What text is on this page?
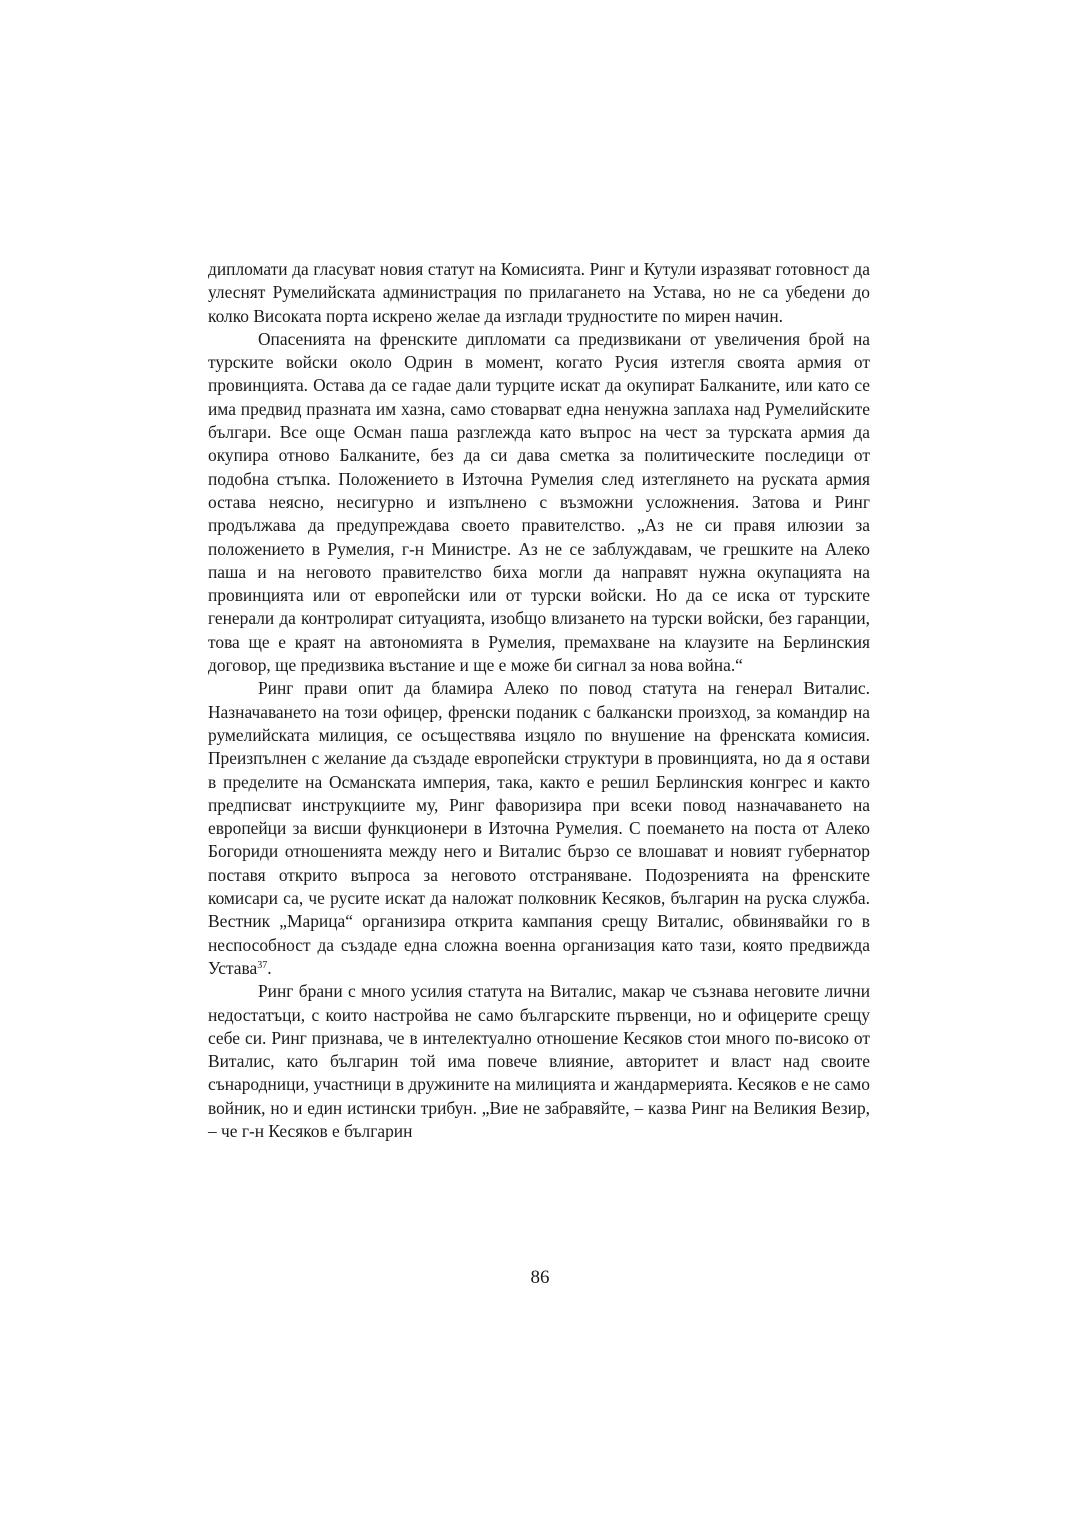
дипломати да гласуват новия статут на Комисията. Ринг и Кутули изразяват готовност да улеснят Румелийската администрация по прилагането на Устава, но не са убедени до колко Високата порта искрено желае да изглади трудностите по мирен начин.

Опасенията на френските дипломати са предизвикани от увеличения брой на турските войски около Одрин в момент, когато Русия изтегля своята армия от провинцията. Остава да се гадае дали турците искат да окупират Балканите, или като се има предвид празната им хазна, само стоварват една ненужна заплаха над Румелийските българи. Все още Осман паша разглежда като въпрос на чест за турската армия да окупира отново Балканите, без да си дава сметка за политическите последици от подобна стъпка. Положението в Източна Румелия след изтеглянето на руската армия остава неясно, несигурно и изпълнено с възможни усложнения. Затова и Ринг продължава да предупреждава своето правителство. „Аз не си правя илюзии за положението в Румелия, г-н Министре. Аз не се заблуждавам, че грешките на Алеко паша и на неговото правителство биха могли да направят нужна окупацията на провинцията или от европейски или от турски войски. Но да се иска от турските генерали да контролират ситуацията, изобщо влизането на турски войски, без гаранции, това ще е краят на автономията в Румелия, премахване на клаузите на Берлинския договор, ще предизвика въстание и ще е може би сигнал за нова война.“

Ринг прави опит да бламира Алеко по повод статута на генерал Виталис. Назначаването на този офицер, френски поданик с балкански произход, за командир на румелийската милиция, се осъществява изцяло по внушение на френската комисия. Преизпълнен с желание да създаде европейски структури в провинцията, но да я остави в пределите на Османската империя, така, както е решил Берлинския конгрес и както предписват инструкциите му, Ринг фаворизира при всеки повод назначаването на европейци за висши функционери в Източна Румелия. С поемането на поста от Алеко Богориди отношенията между него и Виталис бързо се влошават и новият губернатор поставя открито въпроса за неговото отстраняване. Подозренията на френските комисари са, че русите искат да наложат полковник Кесяков, българин на руска служба. Вестник „Марица“ организира открита кампания срещу Виталис, обвинявайки го в неспособност да създаде една сложна военна организация като тази, която предвижда Устава$^{37}$.

Ринг брани с много усилия статута на Виталис, макар че съзнава неговите лични недостатъци, с които настройва не само българските първенци, но и офицерите срещу себе си. Ринг признава, че в интелектуално отношение Кесяков стои много по-високо от Виталис, като българин той има повече влияние, авторитет и власт над своите сънародници, участници в дружините на милицията и жандармерията. Кесяков е не само войник, но и един истински трибун. „Вие не забравяйте, – казва Ринг на Великия Везир, – че г-н Кесяков е българин

86
